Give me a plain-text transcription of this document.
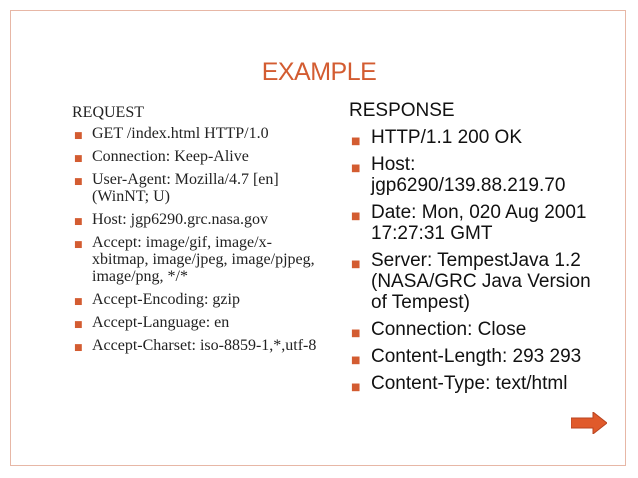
EXAMPLE
REQUEST
■ GET /index.html HTTP/1.0
■ Connection: Keep-Alive
■ User-Agent: Mozilla/4.7 [en] (WinNT; U)
■ Host: jgp6290.grc.nasa.gov
■ Accept: image/gif, image/x-xbitmap, image/jpeg, image/pjpeg, image/png, */*
■ Accept-Encoding: gzip
■ Accept-Language: en
■ Accept-Charset: iso-8859-1,*,utf-8
RESPONSE
■ HTTP/1.1 200 OK
■ Host: jgp6290/139.88.219.70
■ Date: Mon, 020 Aug 2001 17:27:31 GMT
■ Server: TempestJava 1.2 (NASA/GRC Java Version of Tempest)
■ Connection: Close
■ Content-Length: 293 293
■ Content-Type: text/html
